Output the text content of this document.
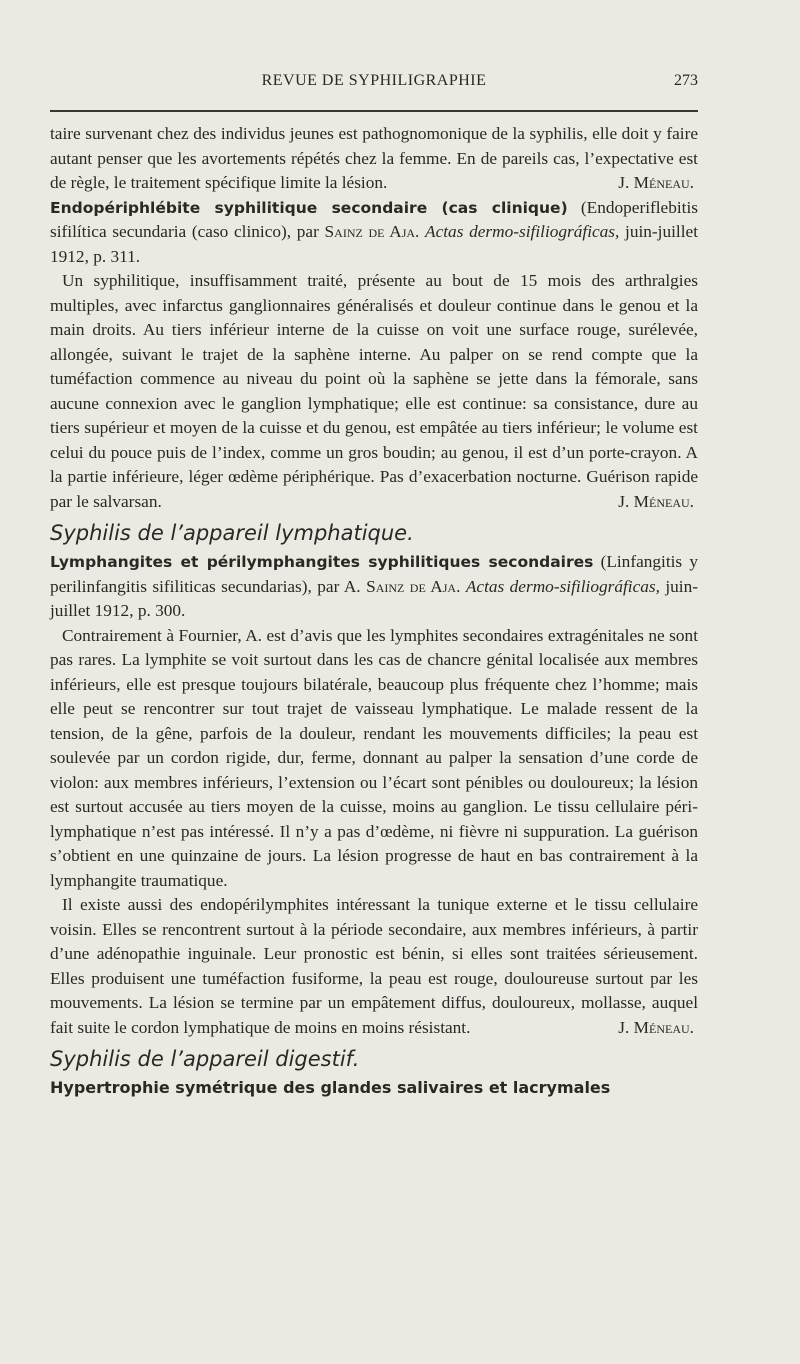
REVUE DE SYPHILIGRAPHIE	273

taire survenant chez des individus jeunes est pathognomonique de la syphilis, elle doit y faire autant penser que les avortements répétés chez la femme. En de pareils cas, l’expectative est de règle, le traitement spécifique limite la lésion.	J. Méneau.

Endopériphlébite syphilitique secondaire (cas clinique) (Endoperiflebitis sifilítica secundaria (caso clinico), par Sainz de Aja. Actas dermo-sifiliográficas, juin-juillet 1912, p. 311.

Un syphilitique, insuffisamment traité, présente au bout de 15 mois des arthralgies multiples, avec infarctus ganglionnaires généralisés et douleur continue dans le genou et la main droits. Au tiers inférieur interne de la cuisse on voit une surface rouge, surélevée, allongée, suivant le trajet de la saphène interne. Au palper on se rend compte que la tuméfaction commence au niveau du point où la saphène se jette dans la fémorale, sans aucune connexion avec le ganglion lymphatique; elle est continue: sa consistance, dure au tiers supérieur et moyen de la cuisse et du genou, est empâtée au tiers inférieur; le volume est celui du pouce puis de l’index, comme un gros boudin; au genou, il est d’un porte-crayon. A la partie inférieure, léger œdème périphérique. Pas d’exacerbation nocturne. Guérison rapide par le salvarsan.	J. Méneau.

Syphilis de l’appareil lymphatique.

Lymphangites et périlymphangites syphilitiques secondaires (Linfangitis y perilinfangitis sifiliticas secundarias), par A. Sainz de Aja. Actas dermo-sifiliográficas, juin-juillet 1912, p. 300.

Contrairement à Fournier, A. est d’avis que les lymphites secondaires extragénitales ne sont pas rares. La lymphite se voit surtout dans les cas de chancre génital localisée aux membres inférieurs, elle est presque toujours bilatérale, beaucoup plus fréquente chez l’homme; mais elle peut se rencontrer sur tout trajet de vaisseau lymphatique. Le malade ressent de la tension, de la gêne, parfois de la douleur, rendant les mouvements difficiles; la peau est soulevée par un cordon rigide, dur, ferme, donnant au palper la sensation d’une corde de violon: aux membres inférieurs, l’extension ou l’écart sont pénibles ou douloureux; la lésion est surtout accusée au tiers moyen de la cuisse, moins au ganglion. Le tissu cellulaire péri-lymphatique n’est pas intéressé. Il n’y a pas d’œdème, ni fièvre ni suppuration. La guérison s’obtient en une quinzaine de jours. La lésion progresse de haut en bas contrairement à la lymphangite traumatique.

Il existe aussi des endopérilymphites intéressant la tunique externe et le tissu cellulaire voisin. Elles se rencontrent surtout à la période secondaire, aux membres inférieurs, à partir d’une adénopathie inguinale. Leur pronostic est bénin, si elles sont traitées sérieusement. Elles produisent une tuméfaction fusiforme, la peau est rouge, douloureuse surtout par les mouvements. La lésion se termine par un empâtement diffus, douloureux, mollasse, auquel fait suite le cordon lymphatique de moins en moins résistant.	J. Méneau.

Syphilis de l’appareil digestif.

Hypertrophie symétrique des glandes salivaires et lacrymales
